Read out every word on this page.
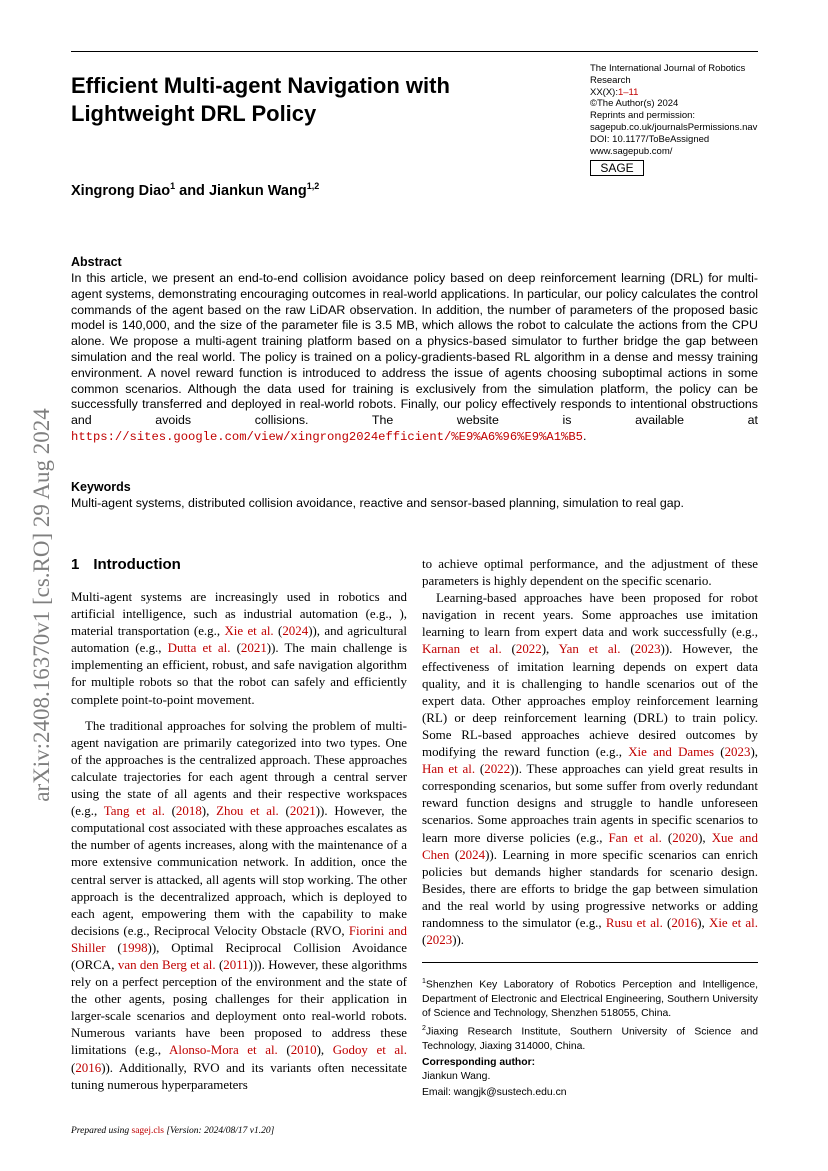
Efficient Multi-agent Navigation with
Lightweight DRL Policy
The International Journal of Robotics
Research
XX(X):1–11
©The Author(s) 2024
Reprints and permission:
sagepub.co.uk/journalsPermissions.nav
DOI: 10.1177/ToBeAssigned
www.sagepub.com/
SAGE
Xingrong Diao$^1$ and Jiankun Wang$^{1,2}$
Abstract
In this article, we present an end-to-end collision avoidance policy based on deep reinforcement learning (DRL) for multi-agent systems, demonstrating encouraging outcomes in real-world applications. In particular, our policy calculates the control commands of the agent based on the raw LiDAR observation. In addition, the number of parameters of the proposed basic model is 140,000, and the size of the parameter file is 3.5 MB, which allows the robot to calculate the actions from the CPU alone. We propose a multi-agent training platform based on a physics-based simulator to further bridge the gap between simulation and the real world. The policy is trained on a policy-gradients-based RL algorithm in a dense and messy training environment. A novel reward function is introduced to address the issue of agents choosing suboptimal actions in some common scenarios. Although the data used for training is exclusively from the simulation platform, the policy can be successfully transferred and deployed in real-world robots. Finally, our policy effectively responds to intentional obstructions and avoids collisions. The website is available at https://sites.google.com/view/xingrong2024efficient/%E9%A6%96%E9%A1%B5.
Keywords
Multi-agent systems, distributed collision avoidance, reactive and sensor-based planning, simulation to real gap.
arXiv:2408.16370v1 [cs.RO] 29 Aug 2024 1 Introduction

Multi-agent systems are increasingly used in robotics and artificial intelligence, such as industrial automation (e.g., ), material transportation (e.g., Xie et al. (2024)), and agricultural automation (e.g., Dutta et al. (2021)). The main challenge is implementing an efficient, robust, and safe navigation algorithm for multiple robots so that the robot can safely and efficiently complete point-to-point movement.

The traditional approaches for solving the problem of multi-agent navigation are primarily categorized into two types. One of the approaches is the centralized approach. These approaches calculate trajectories for each agent through a central server using the state of all agents and their respective workspaces (e.g., Tang et al. (2018), Zhou et al. (2021)). However, the computational cost associated with these approaches escalates as the number of agents increases, along with the maintenance of a more extensive communication network. In addition, once the central server is attacked, all agents will stop working. The other approach is the decentralized approach, which is deployed to each agent, empowering them with the capability to make decisions (e.g., Reciprocal Velocity Obstacle (RVO, Fiorini and Shiller (1998)), Optimal Reciprocal Collision Avoidance (ORCA, van den Berg et al. (2011))). However, these algorithms rely on a perfect perception of the environment and the state of the other agents, posing challenges for their application in larger-scale scenarios and deployment onto real-world robots. Numerous variants have been proposed to address these limitations (e.g., Alonso-Mora et al. (2010), Godoy et al. (2016)). Additionally, RVO and its variants often necessitate tuning numerous hyperparameters

to achieve optimal performance, and the adjustment of these parameters is highly dependent on the specific scenario.

Learning-based approaches have been proposed for robot navigation in recent years. Some approaches use imitation learning to learn from expert data and work successfully (e.g., Karnan et al. (2022), Yan et al. (2023)). However, the effectiveness of imitation learning depends on expert data quality, and it is challenging to handle scenarios out of the expert data. Other approaches employ reinforcement learning (RL) or deep reinforcement learning (DRL) to train policy. Some RL-based approaches achieve desired outcomes by modifying the reward function (e.g., Xie and Dames (2023), Han et al. (2022)). These approaches can yield great results in corresponding scenarios, but some suffer from overly redundant reward function designs and struggle to handle unforeseen scenarios. Some approaches train agents in specific scenarios to learn more diverse policies (e.g., Fan et al. (2020), Xue and Chen (2024)). Learning in more specific scenarios can enrich policies but demands higher standards for scenario design. Besides, there are efforts to bridge the gap between simulation and the real world by using progressive networks or adding randomness to the simulator (e.g., Rusu et al. (2016), Xie et al. (2023)).

$^1$Shenzhen Key Laboratory of Robotics Perception and Intelligence, Department of Electronic and Electrical Engineering, Southern University of Science and Technology, Shenzhen 518055, China.

$^2$Jiaxing Research Institute, Southern University of Science and Technology, Jiaxing 314000, China.

Corresponding author:
Jiankun Wang.
Email: wangjk@sustech.edu.cn
Prepared using sagej.cls [Version: 2024/08/17 v1.20]
